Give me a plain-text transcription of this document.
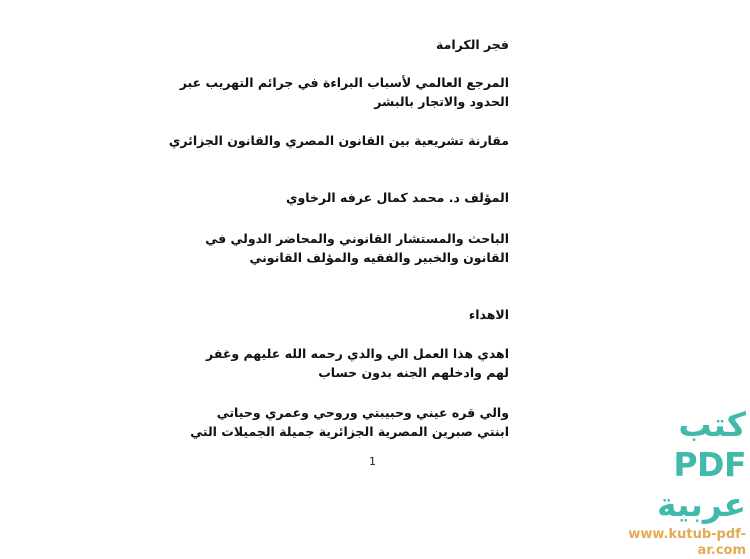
فجر الكرامة
المرجع العالمي لأسباب البراءة في جرائم التهريب عبر
الحدود والاتجار بالبشر
مقارنة تشريعية بين القانون المصري والقانون الجزائري
المؤلف د. محمد كمال عرفه الرخاوي
الباحث والمستشار القانوني والمحاضر الدولي في
القانون والخبير والفقيه والمؤلف القانوني
الاهداء
اهدي هذا العمل الي والدي رحمه الله عليهم وغفر
لهم وادخلهم الجنه بدون حساب
والي قره عيني وحبيبتي وروحي وعمري وحياتي
ابنتي صبرين المصرية الجزائرية جميلة الجميلات التي
1
كتب PDF عربية
www.kutub-pdf-ar.com
